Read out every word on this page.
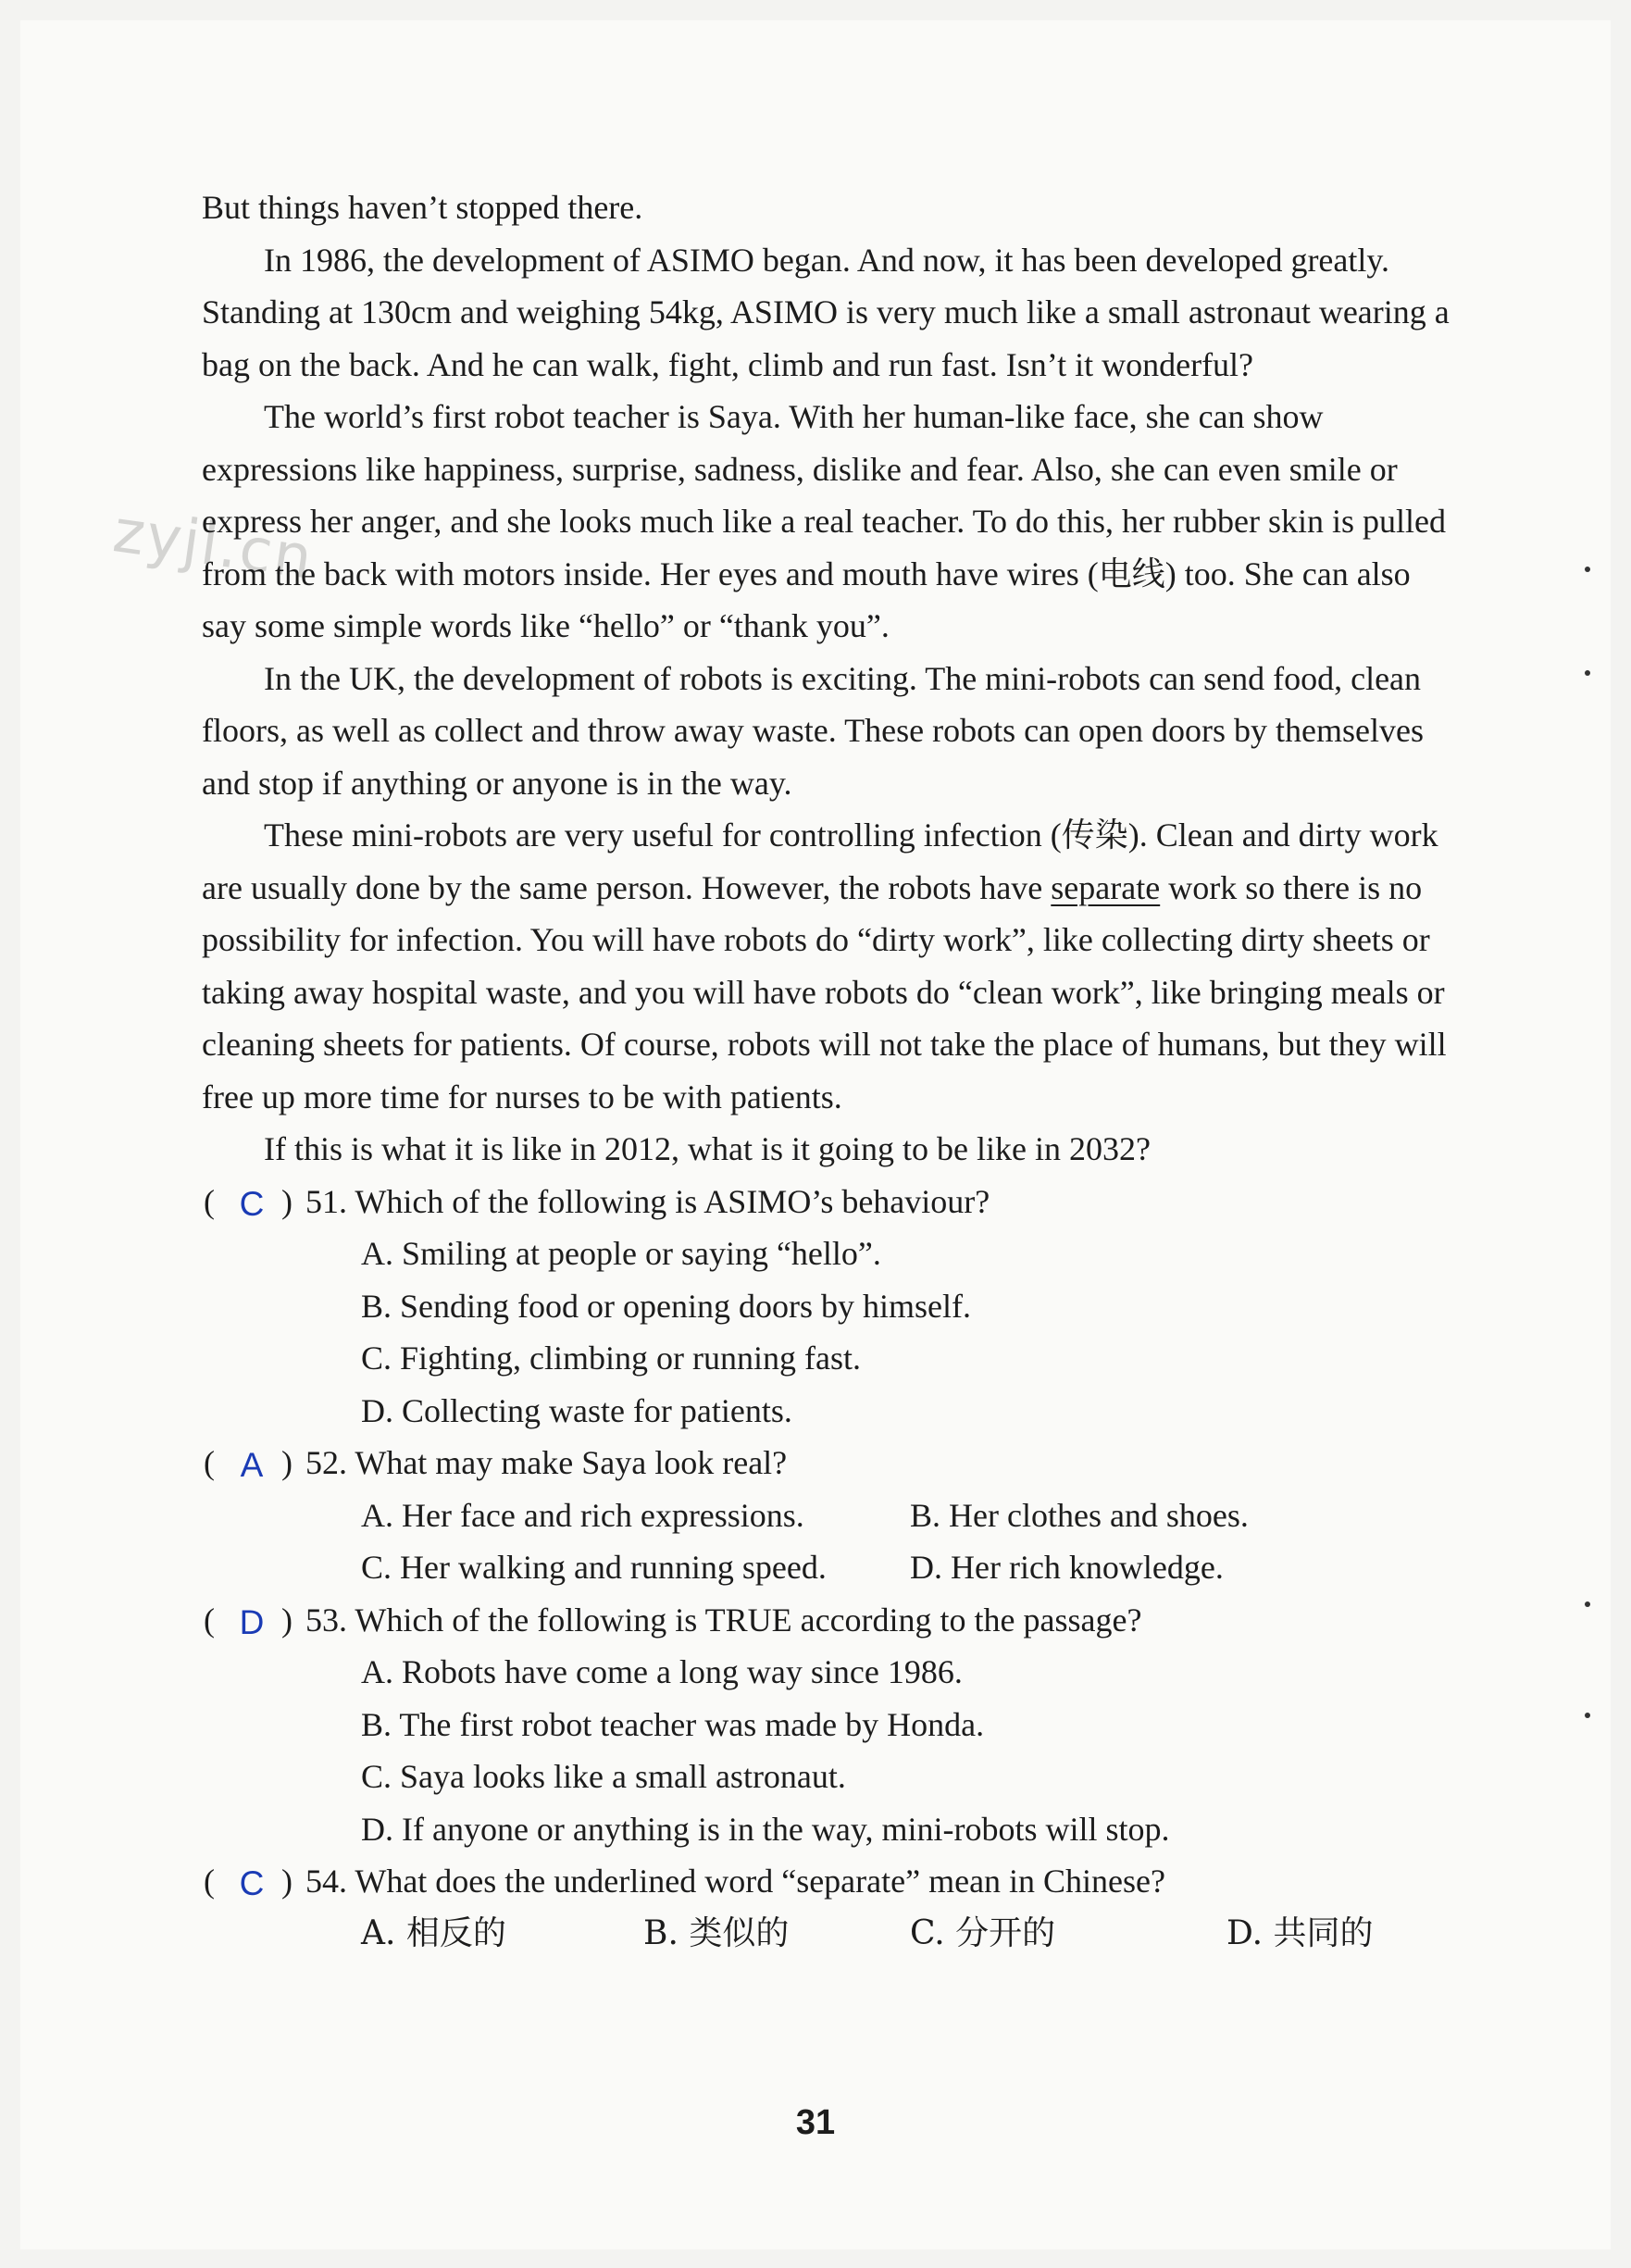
zyjl.cn

But things haven’t stopped there.

In 1986, the development of ASIMO began. And now, it has been developed greatly. Standing at 130cm and weighing 54kg, ASIMO is very much like a small astronaut wearing a bag on the back. And he can walk, fight, climb and run fast. Isn’t it wonderful?

The world’s first robot teacher is Saya. With her human-like face, she can show expressions like happiness, surprise, sadness, dislike and fear. Also, she can even smile or express her anger, and she looks much like a real teacher. To do this, her rubber skin is pulled from the back with motors inside. Her eyes and mouth have wires (电线) too. She can also say some simple words like “hello” or “thank you”.

In the UK, the development of robots is exciting. The mini-robots can send food, clean floors, as well as collect and throw away waste. These robots can open doors by themselves and stop if anything or anyone is in the way.

These mini-robots are very useful for controlling infection (传染). Clean and dirty work are usually done by the same person. However, the robots have separate work so there is no possibility for infection. You will have robots do “dirty work”, like collecting dirty sheets or taking away hospital waste, and you will have robots do “clean work”, like bringing meals or cleaning sheets for patients. Of course, robots will not take the place of humans, but they will free up more time for nurses to be with patients.

If this is what it is like in 2012, what is it going to be like in 2032?

( C ) 51. Which of the following is ASIMO’s behaviour?
A. Smiling at people or saying “hello”.
B. Sending food or opening doors by himself.
C. Fighting, climbing or running fast.
D. Collecting waste for patients.
( A ) 52. What may make Saya look real?
A. Her face and rich expressions.	B. Her clothes and shoes.
C. Her walking and running speed.	D. Her rich knowledge.
( D ) 53. Which of the following is TRUE according to the passage?
A. Robots have come a long way since 1986.
B. The first robot teacher was made by Honda.
C. Saya looks like a small astronaut.
D. If anyone or anything is in the way, mini-robots will stop.
( C ) 54. What does the underlined word “separate” mean in Chinese?
A. 相反的	B. 类似的	C. 分开的	D. 共同的
31
